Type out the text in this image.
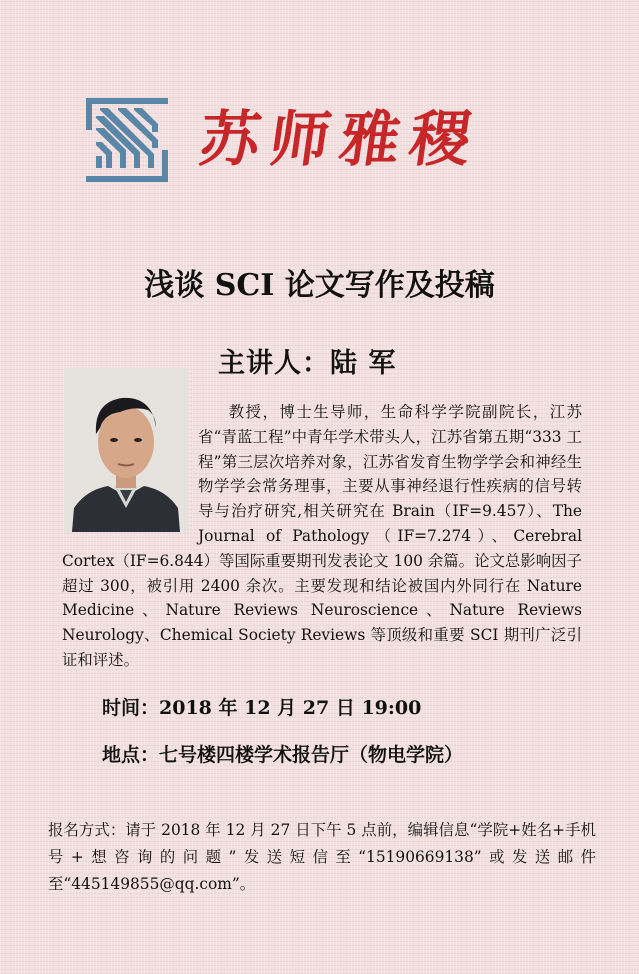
苏师雅稷
浅谈 SCI 论文写作及投稿
主讲人：陆 军

教授，博士生导师，生命科学学院副院长，江苏省“青蓝工程”中青年学术带头人，江苏省第五期“333 工程”第三层次培养对象，江苏省发育生物学学会和神经生物学学会常务理事，主要从事神经退行性疾病的信号转导与治疗研究,相关研究在 Brain（IF=9.457）、The Journal of Pathology（IF=7.274）、Cerebral Cortex（IF=6.844）等国际重要期刊发表论文 100 余篇。论文总影响因子超过 300，被引用 2400 余次。主要发现和结论被国内外同行在 Nature Medicine、Nature Reviews Neuroscience、Nature Reviews Neurology、Chemical Society Reviews 等顶级和重要 SCI 期刊广泛引证和评述。

时间：2018 年 12 月 27 日 19:00
地点：七号楼四楼学术报告厅（物电学院）

报名方式：请于 2018 年 12 月 27 日下午 5 点前，编辑信息“学院+姓名+手机号+想咨询的问题”发送短信至“15190669138”或发送邮件至“445149855@qq.com”。
